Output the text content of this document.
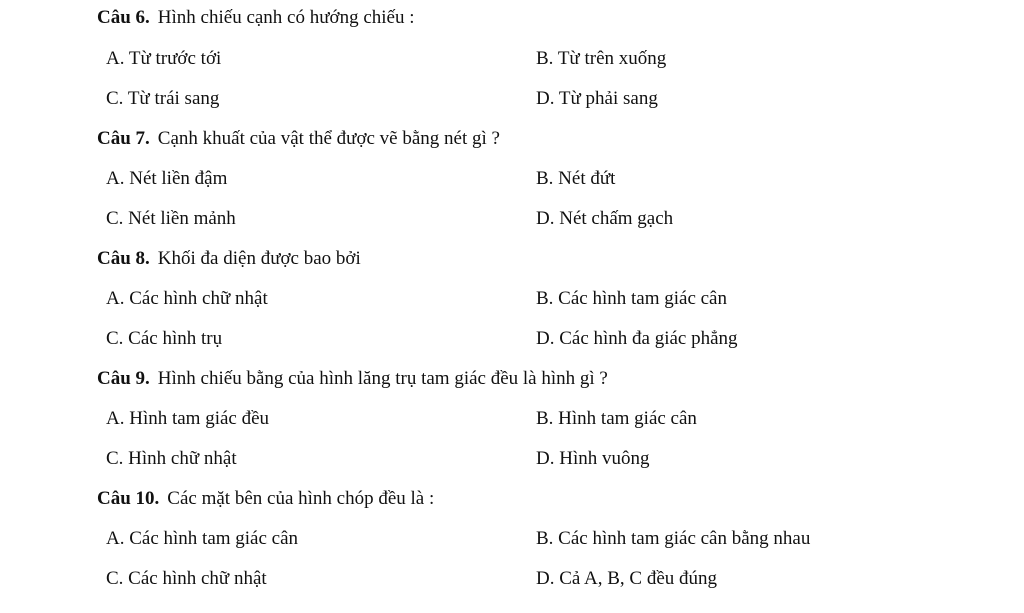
Câu 6. Hình chiếu cạnh có hướng chiếu :
A. Từ trước tới	B. Từ trên xuống
C. Từ trái sang	D. Từ phải sang
Câu 7. Cạnh khuất của vật thể được vẽ bằng nét gì ?
A. Nét liền đậm	B. Nét đứt
C. Nét liền mảnh	D. Nét chấm gạch
Câu 8. Khối đa diện được bao bởi
A. Các hình chữ nhật	B. Các hình tam giác cân
C. Các hình trụ	D. Các hình đa giác phẳng
Câu 9. Hình chiếu bằng của hình lăng trụ tam giác đều là hình gì ?
A. Hình tam giác đều	B. Hình tam giác cân
C. Hình chữ nhật	D. Hình vuông
Câu 10. Các mặt bên của hình chóp đều là :
A. Các hình tam giác cân	B. Các hình tam giác cân bằng nhau
C. Các hình chữ nhật	D. Cả A, B, C đều đúng
